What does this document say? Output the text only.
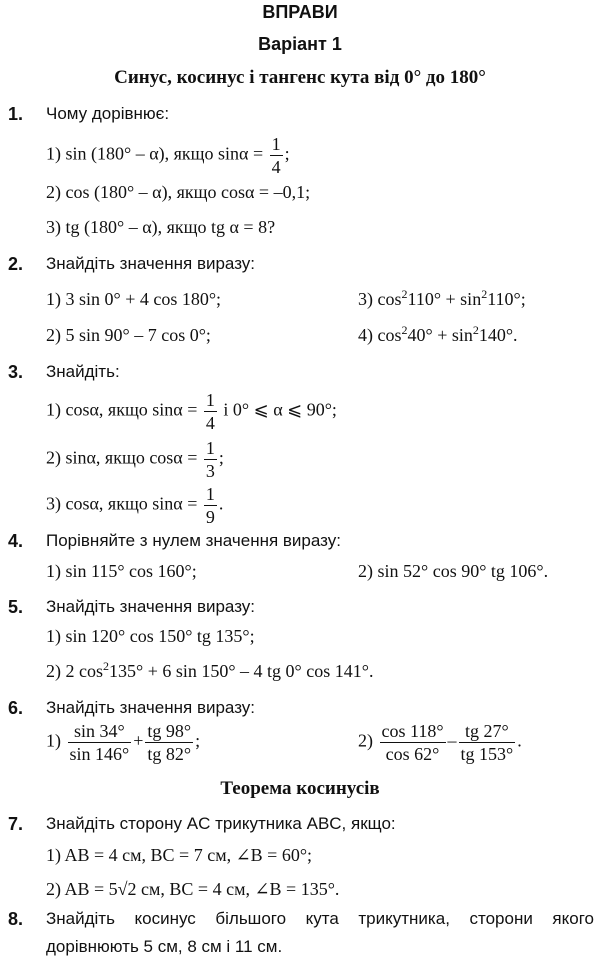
ВПРАВИ
Варіант 1
Синус, косинус і тангенс кута від 0° до 180°
1. Чому дорівнює:
1) sin (180° – α), якщо $\sin\alpha = \frac{1}{4}$ ;
2) cos (180° – α), якщо cosα = –0,1;
3) tg (180° – α), якщо tg α = 8?
2. Знайдіть значення виразу:
1) 3 sin 0° + 4 cos 180°;	3) $\cos^2110^\circ + \sin^2110^\circ$;
2) 5 sin 90° – 7 cos 0°;	4) $\cos^240^\circ + \sin^2140^\circ$.
3. Знайдіть:
1) cosα, якщо $\sin\alpha = \frac{1}{4}$ і 0° ⩽ α ⩽ 90°;
2) sinα, якщо $\cos\alpha = \frac{1}{3}$ ;
3) cosα, якщо $\sin\alpha = \frac{1}{9}$ .
4. Порівняйте з нулем значення виразу:
1) sin 115° cos 160°;	2) sin 52° cos 90° tg 106°.
5. Знайдіть значення виразу:
1) sin 120° cos 150° tg 135°;
2) 2 $\cos^2135^\circ + 6$ sin 150° – 4 tg 0° cos 141°.
6. Знайдіть значення виразу:
$1) \frac{\sin 34^\circ}{\sin 146^\circ} + \frac{tg 98^\circ}{tg 82^\circ}$ ;	$2) \frac{\cos 118^\circ}{\cos 62^\circ} - \frac{tg 27^\circ}{tg 153^\circ}$ .
Теорема косинусів
7. Знайдіть сторону AC трикутника ABC, якщо:
1) AB = 4 см, BC = 7 см, ∠B = 60°;
2) AB = 5√2 см, BC = 4 см, ∠B = 135°.
8. Знайдіть косинус більшого кута трикутника, сторони якого дорівнюють 5 см, 8 см і 11 см.
